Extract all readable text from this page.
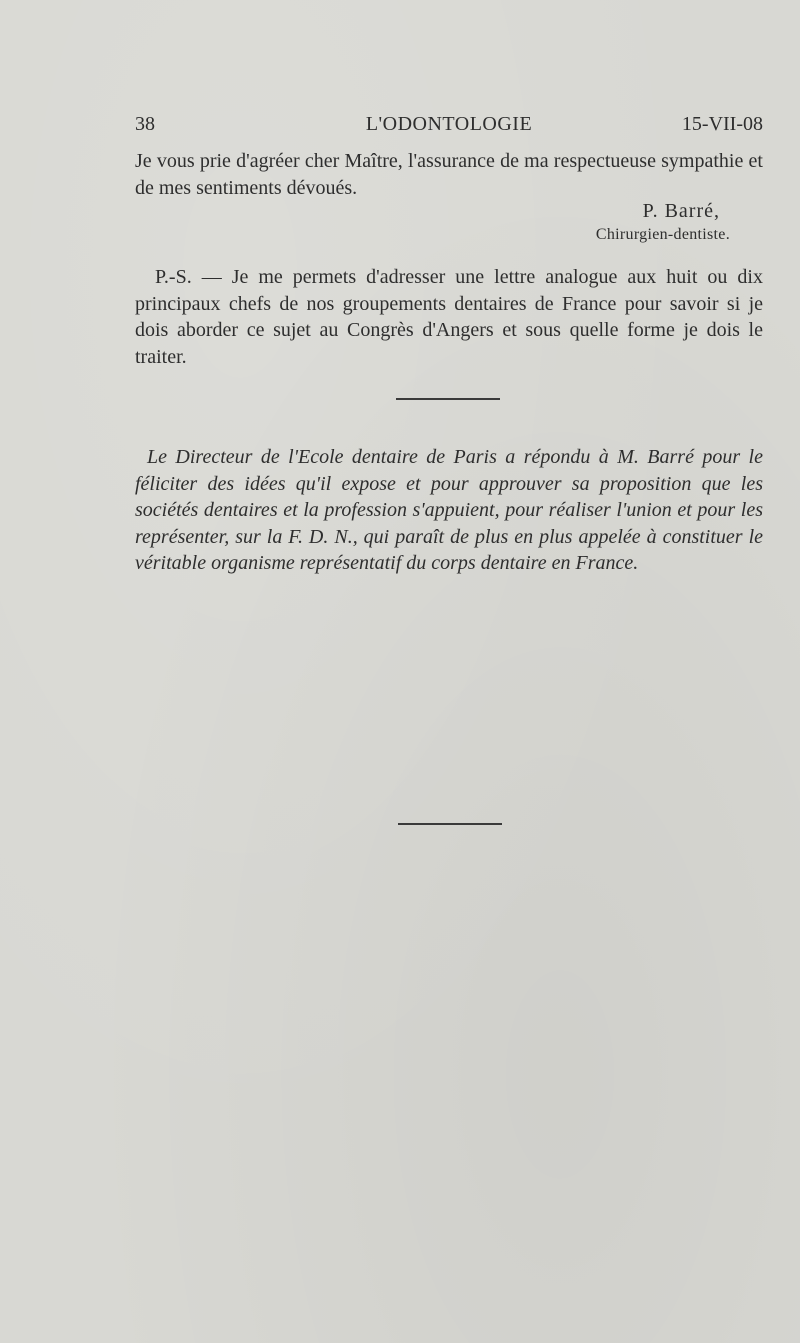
38	L'ODONTOLOGIE	15-VII-08
Je vous prie d'agréer cher Maître, l'assurance de ma respectueuse sympathie et de mes sentiments dévoués.
P. Barré,
Chirurgien-dentiste.
P.-S. — Je me permets d'adresser une lettre analogue aux huit ou dix principaux chefs de nos groupements dentaires de France pour savoir si je dois aborder ce sujet au Congrès d'Angers et sous quelle forme je dois le traiter.
Le Directeur de l'Ecole dentaire de Paris a répondu à M. Barré pour le féliciter des idées qu'il expose et pour approuver sa proposition que les sociétés dentaires et la profession s'appuient, pour réaliser l'union et pour les représenter, sur la F. D. N., qui paraît de plus en plus appelée à constituer le véritable organisme représentatif du corps dentaire en France.
